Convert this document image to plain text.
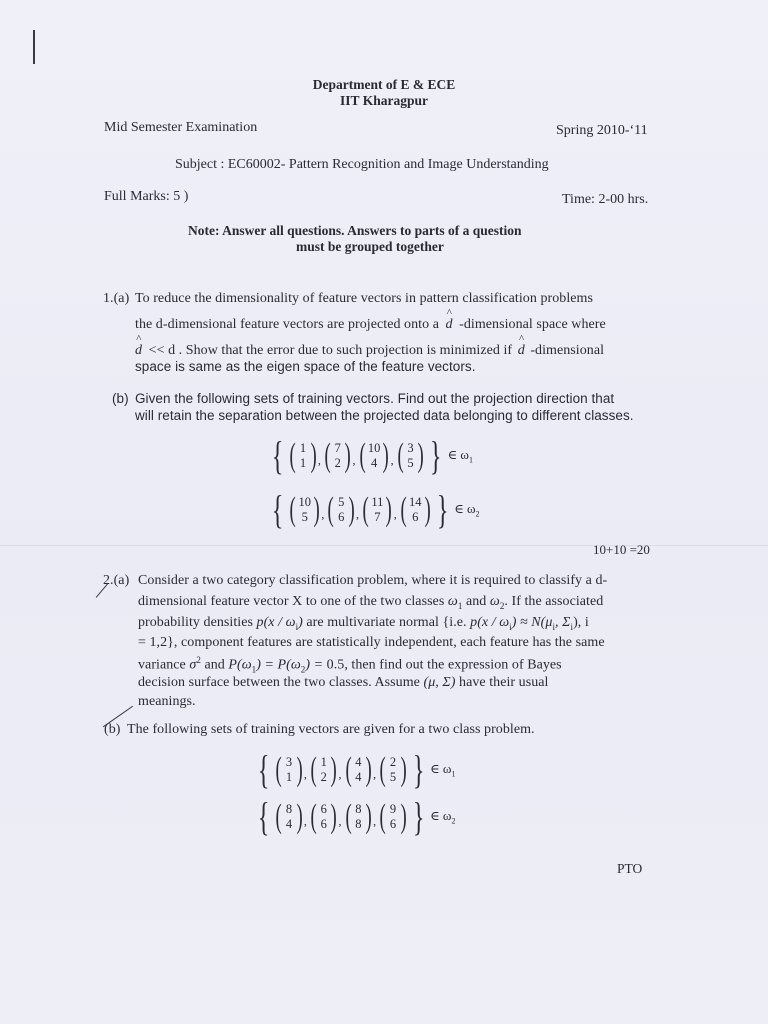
Department of E & ECE
IIT Kharagpur
Mid Semester Examination	Spring 2010-‘11
Subject : EC60002- Pattern Recognition and Image Understanding
Full Marks: 5 )	Time: 2-00 hrs.
Note: Answer all questions. Answers to parts of a question
must be grouped together
1.(a) To reduce the dimensionality of feature vectors in pattern classification problems
the d-dimensional feature vectors are projected onto a
^
d -dimensional space where
^
d << d . Show that the error due to such projection is minimized if
^
d -dimensional
space is same as the eigen space of the feature vectors.
(b) Given the following sets of training vectors. Find out the projection direction that
will retain the separation between the projected data belonging to different classes.
{ ( 1
1 ) , ( 7
2 ) , ( 10
4 ) , ( 3
5 ) } ∈ $\omega_1$
{ ( 10
5 ) , ( 5
6 ) , ( 11
7 ) , ( 14
6 ) } ∈ $\omega_2$
10+10 =20
2.(a) Consider a two category classification problem, where it is required to classify a d-
dimensional feature vector X to one of the two classes $\omega_1$ and $\omega_2$. If the associated
probability densities $p(x / \omega_i)$ are multivariate normal {i.e. $p(x / \omega_i) \approx N(\mu_i$, $\Sigma_i$), i
= 1,2}, component features are statistically independent, each feature has the same
variance $\sigma^2$ and $P(\omega_1) = P(\omega_2) = 0.5$, then find out the expression of Bayes
decision surface between the two classes. Assume (μ, Σ) have their usual
meanings.
(b) The following sets of training vectors are given for a two class problem.
{ ( 3
1 ) , ( 1
2 ) , ( 4
4 ) , ( 2
5 ) } ∈ $\omega_1$
{ ( 8
4 ) , ( 6
6 ) , ( 8
8 ) , ( 9
6 ) } ∈ $\omega_2$
PTO
